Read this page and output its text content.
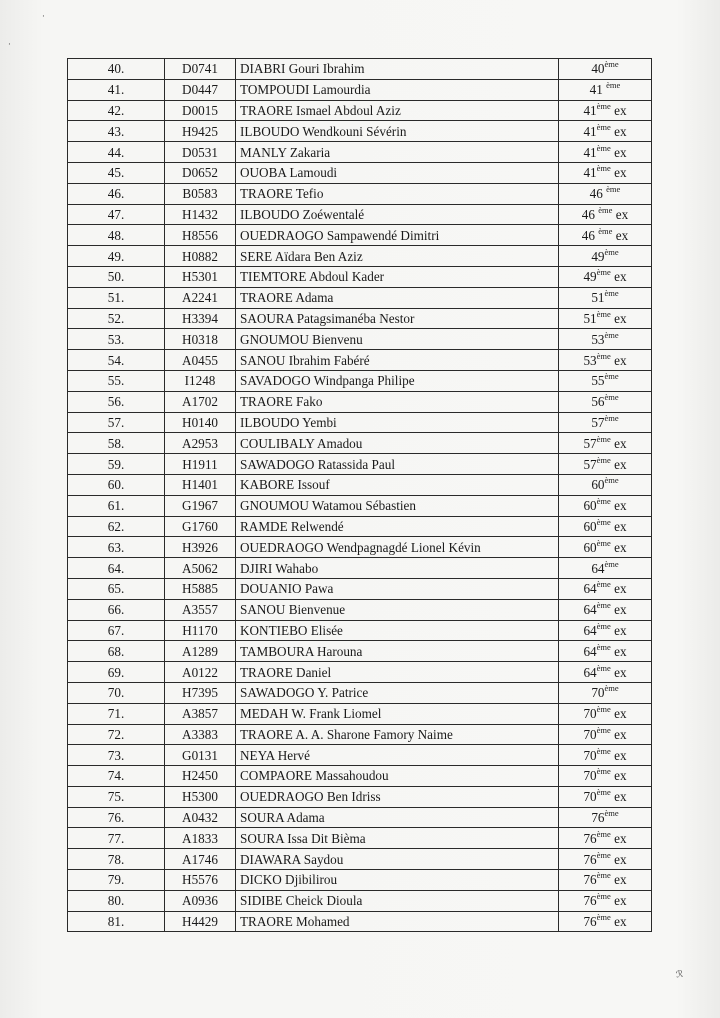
·
·
40.	D0741	DIABRI Gouri Ibrahim	40ème
41.	D0447	TOMPOUDI Lamourdia	41 $^{ème}$
42.	D0015	TRAORE Ismael Abdoul Aziz	41ème ex
43.	H9425	ILBOUDO Wendkouni Sévérin	41ème ex
44.	D0531	MANLY Zakaria	41ème ex
45.	D0652	OUOBA Lamoudi	41ème ex
46.	B0583	TRAORE Tefio	46 $^{ème}$
47.	H1432	ILBOUDO Zoéwentalé	46 $^{ème}$ ex
48.	H8556	OUEDRAOGO Sampawendé Dimitri	46 $^{ème}$ ex
49.	H0882	SERE Aïdara Ben Aziz	49ème
50.	H5301	TIEMTORE Abdoul Kader	49ème ex
51.	A2241	TRAORE Adama	51ème
52.	H3394	SAOURA Patagsimanéba Nestor	51ème ex
53.	H0318	GNOUMOU Bienvenu	53ème
54.	A0455	SANOU Ibrahim Fabéré	53ème ex
55.	I1248	SAVADOGO Windpanga Philipe	55ème
56.	A1702	TRAORE Fako	56ème
57.	H0140	ILBOUDO Yembi	57ème
58.	A2953	COULIBALY Amadou	57ème ex
59.	H1911	SAWADOGO Ratassida Paul	57ème ex
60.	H1401	KABORE Issouf	60ème
61.	G1967	GNOUMOU Watamou Sébastien	60ème ex
62.	G1760	RAMDE Relwendé	60ème ex
63.	H3926	OUEDRAOGO Wendpagnagdé Lionel Kévin	60ème ex
64.	A5062	DJIRI Wahabo	64ème
65.	H5885	DOUANIO Pawa	64ème ex
66.	A3557	SANOU Bienvenue	64ème ex
67.	H1170	KONTIEBO Elisée	64ème ex
68.	A1289	TAMBOURA Harouna	64ème ex
69.	A0122	TRAORE Daniel	64ème ex
70.	H7395	SAWADOGO Y. Patrice	70ème
71.	A3857	MEDAH W. Frank Liomel	70ème ex
72.	A3383	TRAORE A. A. Sharone Famory Naime	70ème ex
73.	G0131	NEYA Hervé	70ème ex
74.	H2450	COMPAORE Massahoudou	70ème ex
75.	H5300	OUEDRAOGO Ben Idriss	70ème ex
76.	A0432	SOURA Adama	76ème
77.	A1833	SOURA Issa Dit Bièma	76ème ex
78.	A1746	DIAWARA Saydou	76ème ex
79.	H5576	DICKO Djibilirou	76ème ex
80.	A0936	SIDIBE Cheick Dioula	76ème ex
81.	H4429	TRAORE Mohamed	76ème ex
ℛ
